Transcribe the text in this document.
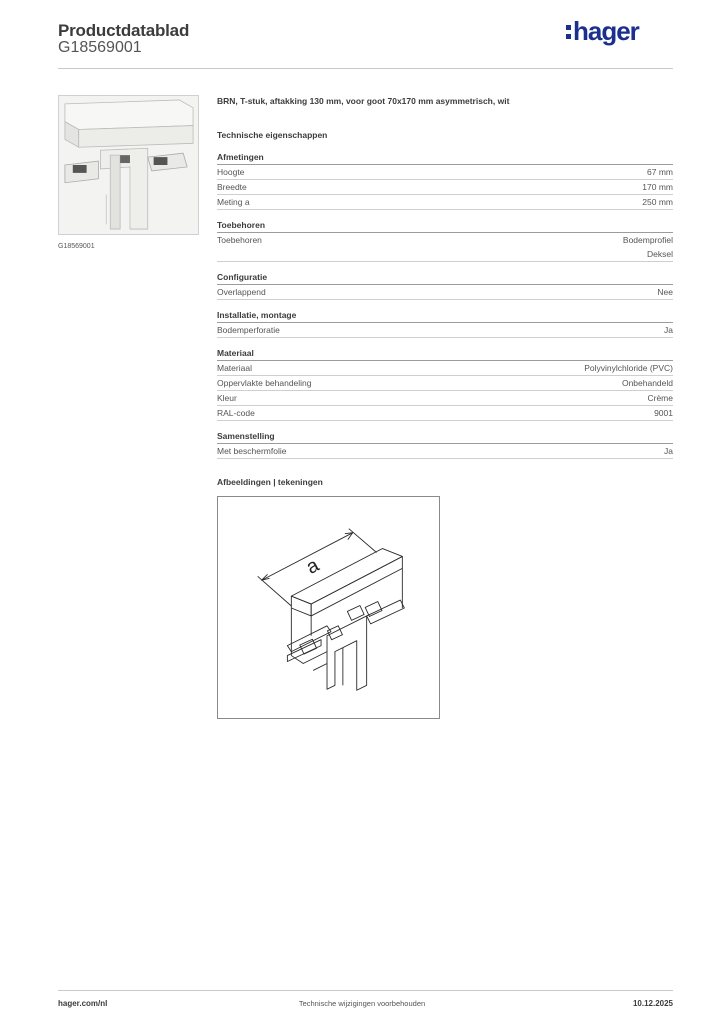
Productdatablad
G18569001
hager
G18569001
BRN, T-stuk, aftakking 130 mm, voor goot 70x170 mm asymmetrisch, wit
Technische eigenschappen
Afmetingen
Hoogte	67 mm
Breedte	170 mm
Meting a	250 mm
Toebehoren
Toebehoren	Bodemprofiel
Deksel
Configuratie
Overlappend	Nee
Installatie, montage
Bodemperforatie	Ja
Materiaal
Materiaal	Polyvinylchloride (PVC)
Oppervlakte behandeling	Onbehandeld
Kleur	Crème
RAL-code	9001
Samenstelling
Met beschermfolie	Ja
Afbeeldingen | tekeningen
a
hager.com/nl	Technische wijzigingen voorbehouden	10.12.2025
